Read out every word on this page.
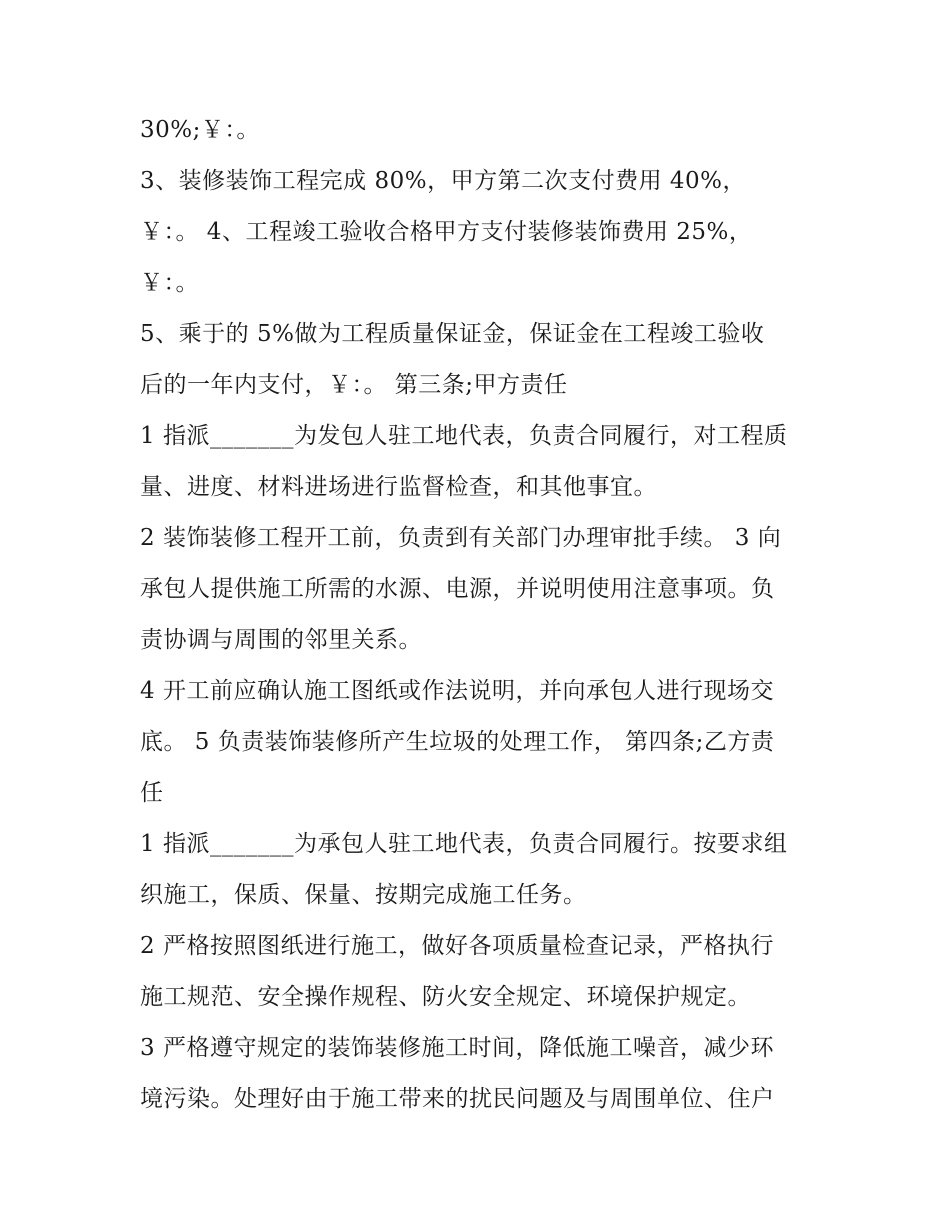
30%;￥：。
3、装修装饰工程完成 80%，甲方第二次支付费用 40%，
￥：。 4、工程竣工验收合格甲方支付装修装饰费用 25%，
￥：。
5、乘于的 5%做为工程质量保证金，保证金在工程竣工验收
后的一年内支付，￥：。 第三条;甲方责任
1 指派_______为发包人驻工地代表，负责合同履行，对工程质
量、进度、材料进场进行监督检查，和其他事宜。
2 装饰装修工程开工前，负责到有关部门办理审批手续。 3 向
承包人提供施工所需的水源、电源，并说明使用注意事项。负
责协调与周围的邻里关系。
4 开工前应确认施工图纸或作法说明，并向承包人进行现场交
底。 5 负责装饰装修所产生垃圾的处理工作， 第四条;乙方责
任
1 指派_______为承包人驻工地代表，负责合同履行。按要求组
织施工，保质、保量、按期完成施工任务。
2 严格按照图纸进行施工，做好各项质量检查记录，严格执行
施工规范、安全操作规程、防火安全规定、环境保护规定。
3 严格遵守规定的装饰装修施工时间，降低施工噪音，减少环
境污染。处理好由于施工带来的扰民问题及与周围单位、住户
